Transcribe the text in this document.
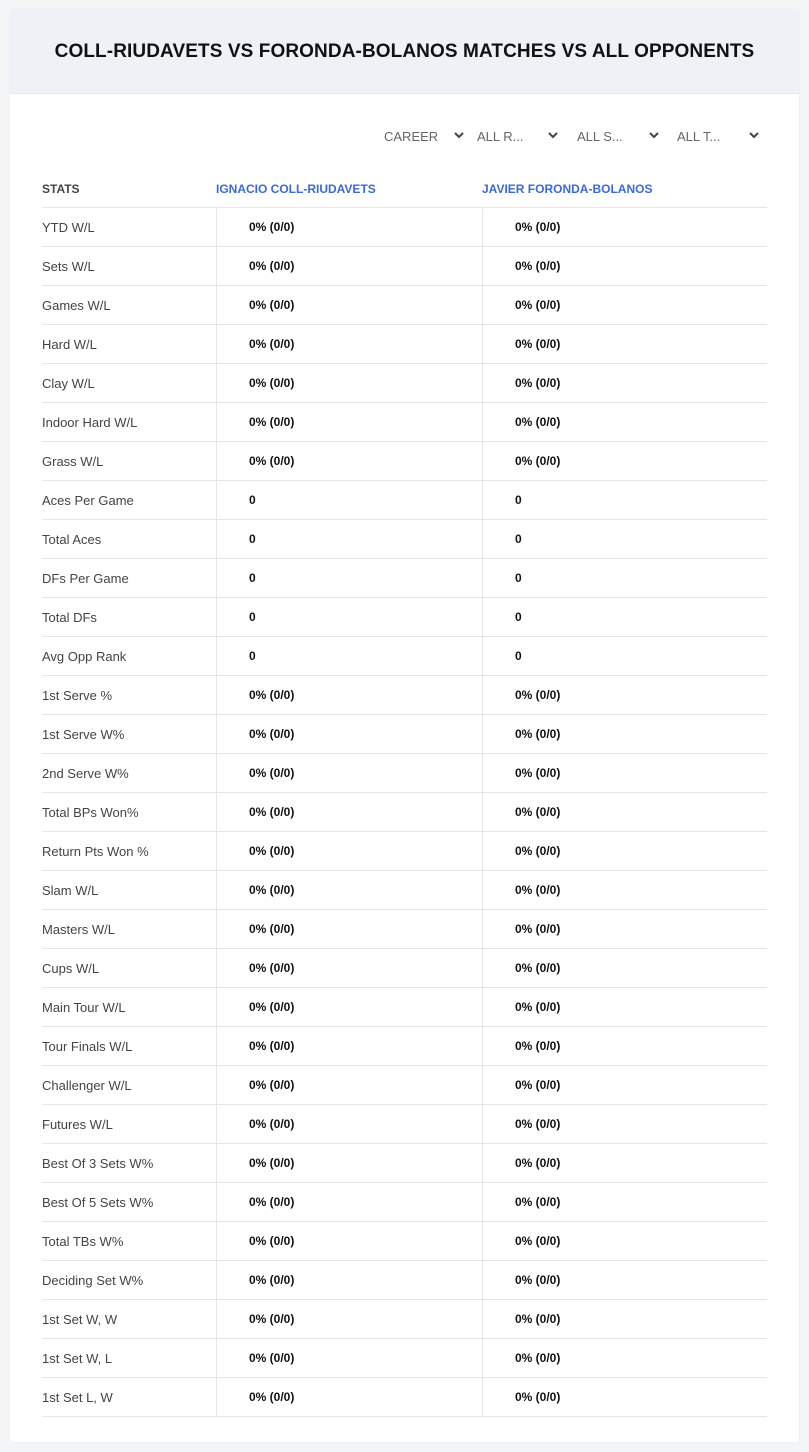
COLL-RIUDAVETS VS FORONDA-BOLANOS MATCHES VS ALL OPPONENTS
CAREER	ALL R...	ALL S...	ALL T...
STATS	IGNACIO COLL-RIUDAVETS	JAVIER FORONDA-BOLANOS
YTD W/L	0% (0/0)	0% (0/0)
Sets W/L	0% (0/0)	0% (0/0)
Games W/L	0% (0/0)	0% (0/0)
Hard W/L	0% (0/0)	0% (0/0)
Clay W/L	0% (0/0)	0% (0/0)
Indoor Hard W/L	0% (0/0)	0% (0/0)
Grass W/L	0% (0/0)	0% (0/0)
Aces Per Game	0	0
Total Aces	0	0
DFs Per Game	0	0
Total DFs	0	0
Avg Opp Rank	0	0
1st Serve %	0% (0/0)	0% (0/0)
1st Serve W%	0% (0/0)	0% (0/0)
2nd Serve W%	0% (0/0)	0% (0/0)
Total BPs Won%	0% (0/0)	0% (0/0)
Return Pts Won %	0% (0/0)	0% (0/0)
Slam W/L	0% (0/0)	0% (0/0)
Masters W/L	0% (0/0)	0% (0/0)
Cups W/L	0% (0/0)	0% (0/0)
Main Tour W/L	0% (0/0)	0% (0/0)
Tour Finals W/L	0% (0/0)	0% (0/0)
Challenger W/L	0% (0/0)	0% (0/0)
Futures W/L	0% (0/0)	0% (0/0)
Best Of 3 Sets W%	0% (0/0)	0% (0/0)
Best Of 5 Sets W%	0% (0/0)	0% (0/0)
Total TBs W%	0% (0/0)	0% (0/0)
Deciding Set W%	0% (0/0)	0% (0/0)
1st Set W, W	0% (0/0)	0% (0/0)
1st Set W, L	0% (0/0)	0% (0/0)
1st Set L, W	0% (0/0)	0% (0/0)
